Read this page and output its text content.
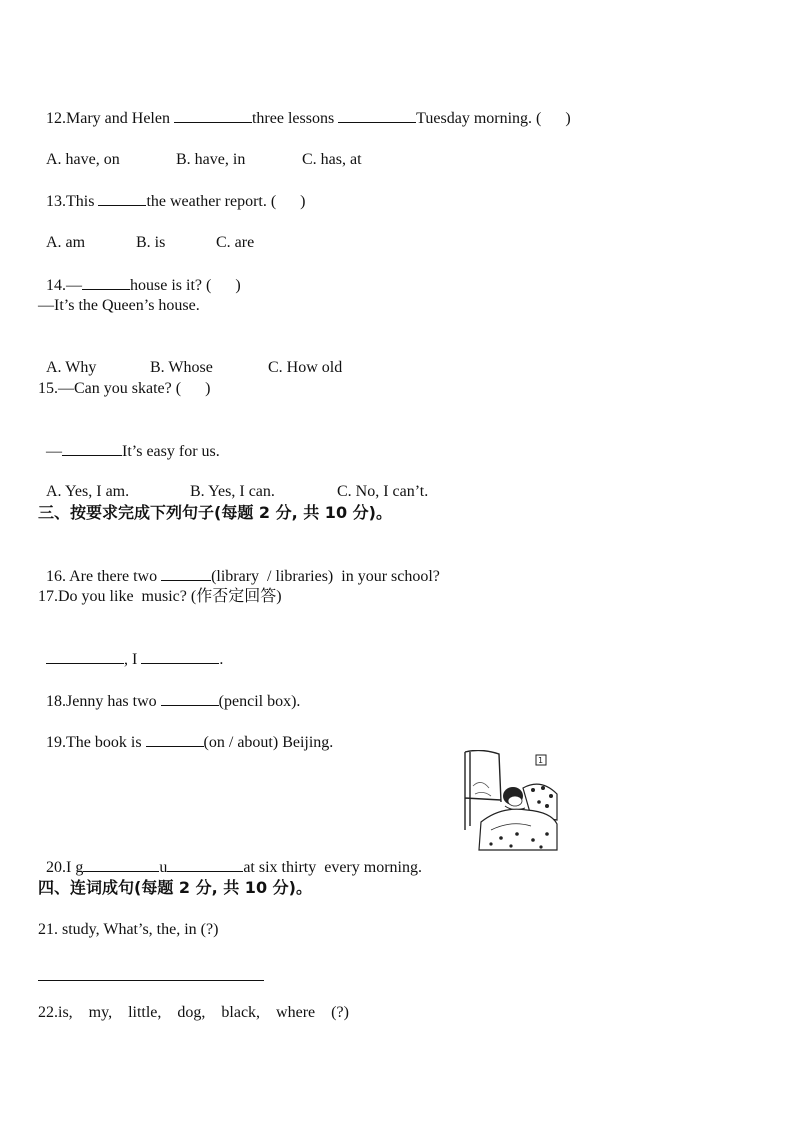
12.Mary and Helen	three lessons	Tuesday morning. (      )

A. have, on	B. have, in	C. has, at

13.This	the weather report. (      )

A. am	B. is	C. are

14.—	house is it? (      )

—It’s the Queen’s house.

A. Why	B. Whose	C. How old

15.—Can you skate? (      )

—	It’s easy for us.

A. Yes, I am.	B. Yes, I can.	C. No, I can’t.

三、按要求完成下列句子(每题 2 分, 共 10 分)。

16. Are there two	(library  / libraries)  in your school?

17.Do you like  music? (作否定回答)

, I	.

18.Jenny has two	(pencil box).

19.The book is	(on / about) Beijing.

1

20.I g	u	at six thirty  every morning.

四、连词成句(每题 2 分, 共 10 分)。
21. study, What’s, the, in (?)
22.is,    my,    little,    dog,    black,    where    (?)
